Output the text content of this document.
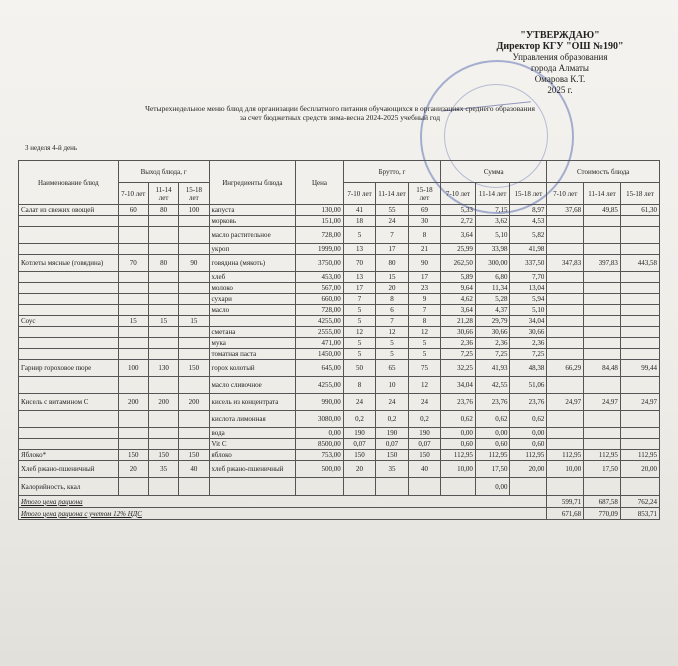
"УТВЕРЖДАЮ"
Директор КГУ "ОШ №190"
Управления образования
города Алматы
Омарова К.Т.
2025 г.
Четырехнедельное меню блюд для организации бесплатного питания обучающихся в организациях среднего образования
за счет бюджетных средств зима-весна 2024-2025 учебный год
3 неделя 4-й день
Наименование блюд	Выход блюда, г			Ингредиенты блюда	Цена	Брутто, г			Сумма			Стоимость блюда		
	7-10 лет	11-14 лет	15-18 лет			7-10 лет	11-14 лет	15-18 лет	7-10 лет	11-14 лет	15-18 лет	7-10 лет	11-14 лет	15-18 лет
Салат из свежих овощей	60	80	100	капуста	130,00	41	55	69	5,33	7,15	8,97	37,68	49,85	61,30
				морковь	151,00	18	24	30	2,72	3,62	4,53			
				масло растительное	728,00	5	7	8	3,64	5,10	5,82			
				укроп	1999,00	13	17	21	25,99	33,98	41,98			
Котлеты мясные (говядина)	70	80	90	говядина (мякоть)	3750,00	70	80	90	262,50	300,00	337,50	347,83	397,83	443,58
				хлеб	453,00	13	15	17	5,89	6,80	7,70			
				молоко	567,00	17	20	23	9,64	11,34	13,04			
				сухари	660,00	7	8	9	4,62	5,28	5,94			
				масло	728,00	5	6	7	3,64	4,37	5,10			
Соус	15	15	15		4255,00	5	7	8	21,28	29,79	34,04			
				сметана	2555,00	12	12	12	30,66	30,66	30,66			
				мука	471,00	5	5	5	2,36	2,36	2,36			
				томатная паста	1450,00	5	5	5	7,25	7,25	7,25			
Гарнир гороховое пюре	100	130	150	горох колотый	645,00	50	65	75	32,25	41,93	48,38	66,29	84,48	99,44
				масло сливочное	4255,00	8	10	12	34,04	42,55	51,06			
Кисель с витамином С	200	200	200	кисель из концентрата	990,00	24	24	24	23,76	23,76	23,76	24,97	24,97	24,97
				кислота лимонная	3080,00	0,2	0,2	0,2	0,62	0,62	0,62			
				вода	0,00	190	190	190	0,00	0,00	0,00			
				Vit C	8500,00	0,07	0,07	0,07	0,60	0,60	0,60			
Яблоко*	150	150	150	яблоко	753,00	150	150	150	112,95	112,95	112,95	112,95	112,95	112,95
Хлеб ржано-пшеничный	20	35	40	хлеб ржано-пшеничный	500,00	20	35	40	10,00	17,50	20,00	10,00	17,50	20,00
Калорийность, ккал										0,00				
Итого цена рациона												599,71	687,58	762,24
Итого цена рациона с учетом 12% НДС												671,68	770,09	853,71
